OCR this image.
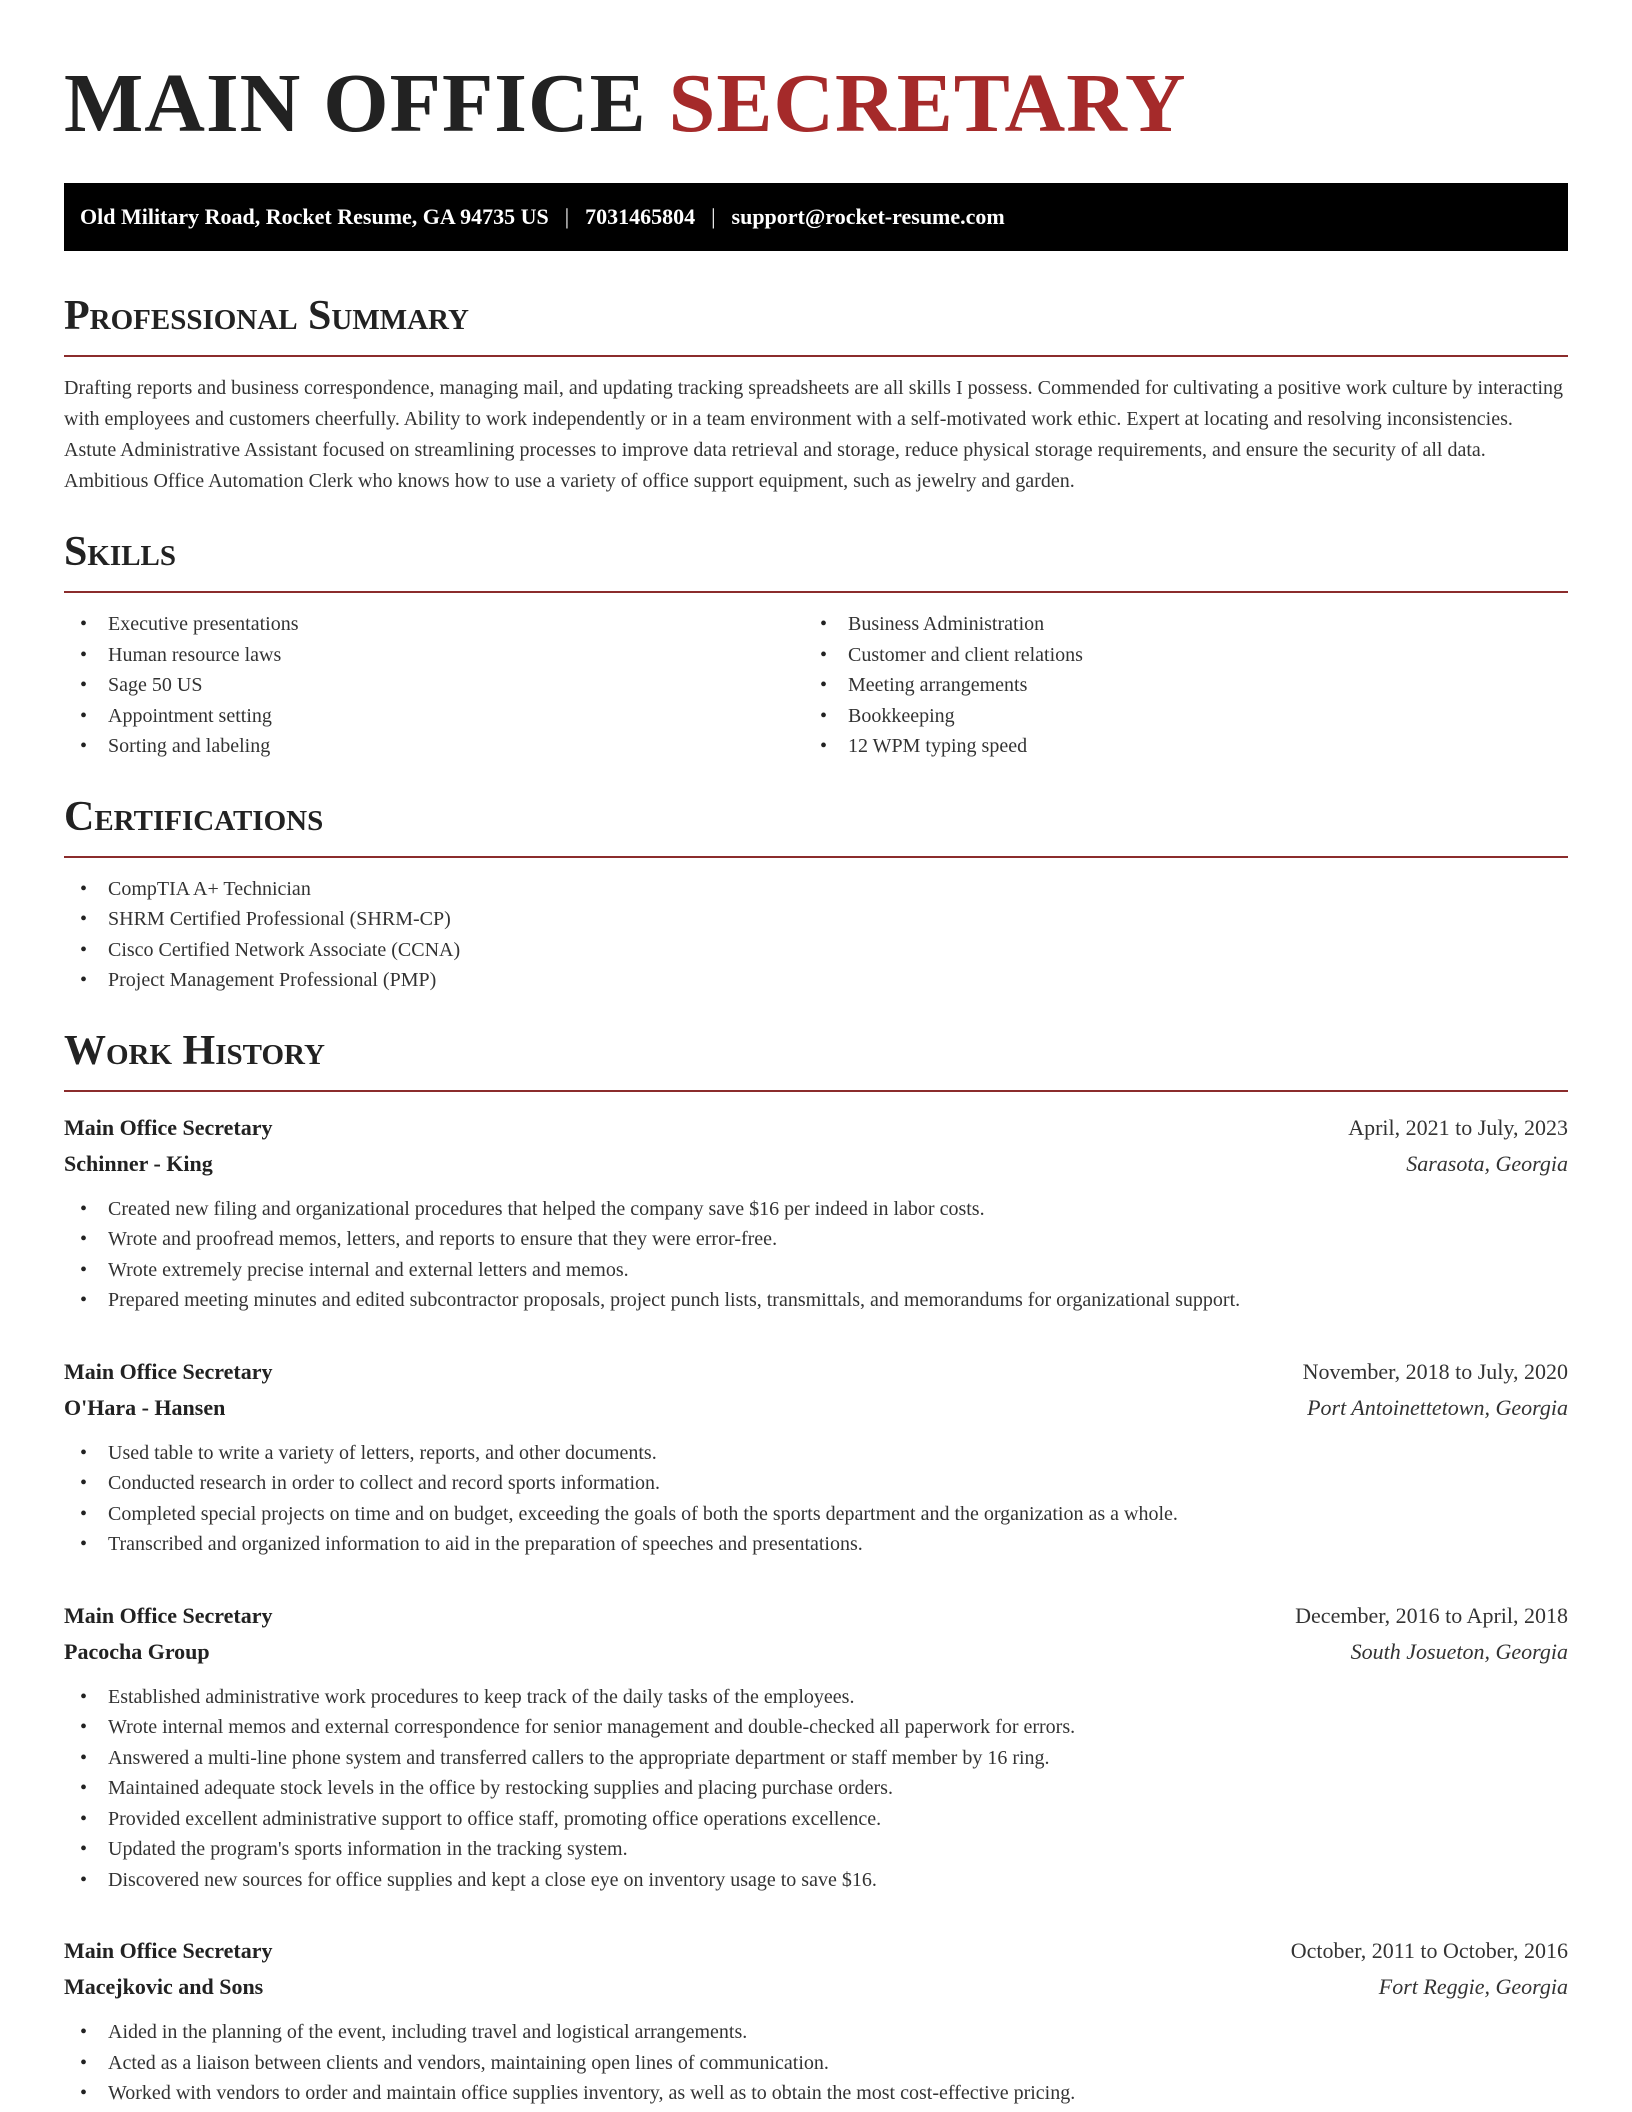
MAIN OFFICE SECRETARY
Old Military Road, Rocket Resume, GA 94735 US | 7031465804 | support@rocket-resume.com
Professional Summary

Drafting reports and business correspondence, managing mail, and updating tracking spreadsheets are all skills I possess. Commended for cultivating a positive work culture by interacting with employees and customers cheerfully. Ability to work independently or in a team environment with a self-motivated work ethic. Expert at locating and resolving inconsistencies. Astute Administrative Assistant focused on streamlining processes to improve data retrieval and storage, reduce physical storage requirements, and ensure the security of all data. Ambitious Office Automation Clerk who knows how to use a variety of office support equipment, such as jewelry and garden.

Skills
• Executive presentations
• Human resource laws
• Sage 50 US
• Appointment setting
• Sorting and labeling
• Business Administration
• Customer and client relations
• Meeting arrangements
• Bookkeeping
• 12 WPM typing speed
Certifications
• CompTIA A+ Technician
• SHRM Certified Professional (SHRM-CP)
• Cisco Certified Network Associate (CCNA)
• Project Management Professional (PMP)
Work History
Main Office Secretary	April, 2021 to July, 2023
Schinner - King	Sarasota, Georgia
• Created new filing and organizational procedures that helped the company save $16 per indeed in labor costs.
• Wrote and proofread memos, letters, and reports to ensure that they were error-free.
• Wrote extremely precise internal and external letters and memos.
• Prepared meeting minutes and edited subcontractor proposals, project punch lists, transmittals, and memorandums for organizational support.
Main Office Secretary	November, 2018 to July, 2020
O'Hara - Hansen	Port Antoinettetown, Georgia
• Used table to write a variety of letters, reports, and other documents.
• Conducted research in order to collect and record sports information.
• Completed special projects on time and on budget, exceeding the goals of both the sports department and the organization as a whole.
• Transcribed and organized information to aid in the preparation of speeches and presentations.
Main Office Secretary	December, 2016 to April, 2018
Pacocha Group	South Josueton, Georgia
• Established administrative work procedures to keep track of the daily tasks of the employees.
• Wrote internal memos and external correspondence for senior management and double-checked all paperwork for errors.
• Answered a multi-line phone system and transferred callers to the appropriate department or staff member by 16 ring.
• Maintained adequate stock levels in the office by restocking supplies and placing purchase orders.
• Provided excellent administrative support to office staff, promoting office operations excellence.
• Updated the program's sports information in the tracking system.
• Discovered new sources for office supplies and kept a close eye on inventory usage to save $16.
Main Office Secretary	October, 2011 to October, 2016
Macejkovic and Sons	Fort Reggie, Georgia
• Aided in the planning of the event, including travel and logistical arrangements.
• Acted as a liaison between clients and vendors, maintaining open lines of communication.
• Worked with vendors to order and maintain office supplies inventory, as well as to obtain the most cost-effective pricing.
